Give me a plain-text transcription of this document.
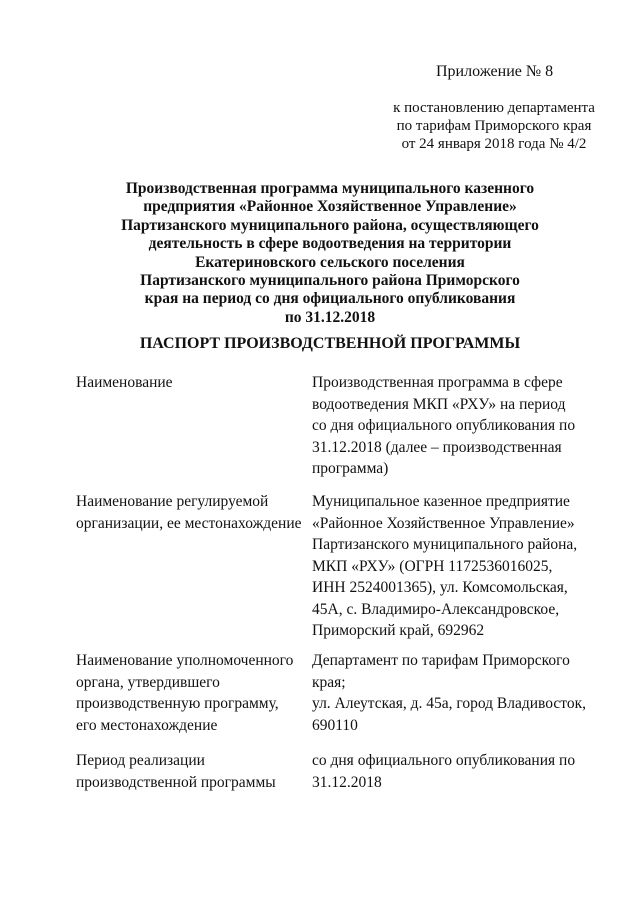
Приложение № 8
к постановлению департамента
по тарифам Приморского края
от 24 января 2018 года № 4/2
Производственная программа муниципального казенного
предприятия «Районное Хозяйственное Управление»
Партизанского муниципального района, осуществляющего
деятельность в сфере водоотведения на территории
Екатериновского сельского поселения
Партизанского муниципального района Приморского
края на период со дня официального опубликования
по 31.12.2018
ПАСПОРТ ПРОИЗВОДСТВЕННОЙ ПРОГРАММЫ
Наименование	Производственная программа в сфере
водоотведения МКП «РХУ» на период
со дня официального опубликования по
31.12.2018 (далее – производственная
программа)
Наименование регулируемой
организации, ее местонахождение
Муниципальное казенное предприятие
«Районное Хозяйственное Управление»
Партизанского муниципального района,
МКП «РХУ» (ОГРН 1172536016025,
ИНН 2524001365), ул. Комсомольская,
45А, с. Владимиро-Александровское,
Приморский край, 692962
Наименование уполномоченного
органа, утвердившего
производственную программу,
его местонахождение
Департамент по тарифам Приморского
края;
ул. Алеутская, д. 45а, город Владивосток,
690110
Период реализации
производственной программы
со дня официального опубликования по
31.12.2018
